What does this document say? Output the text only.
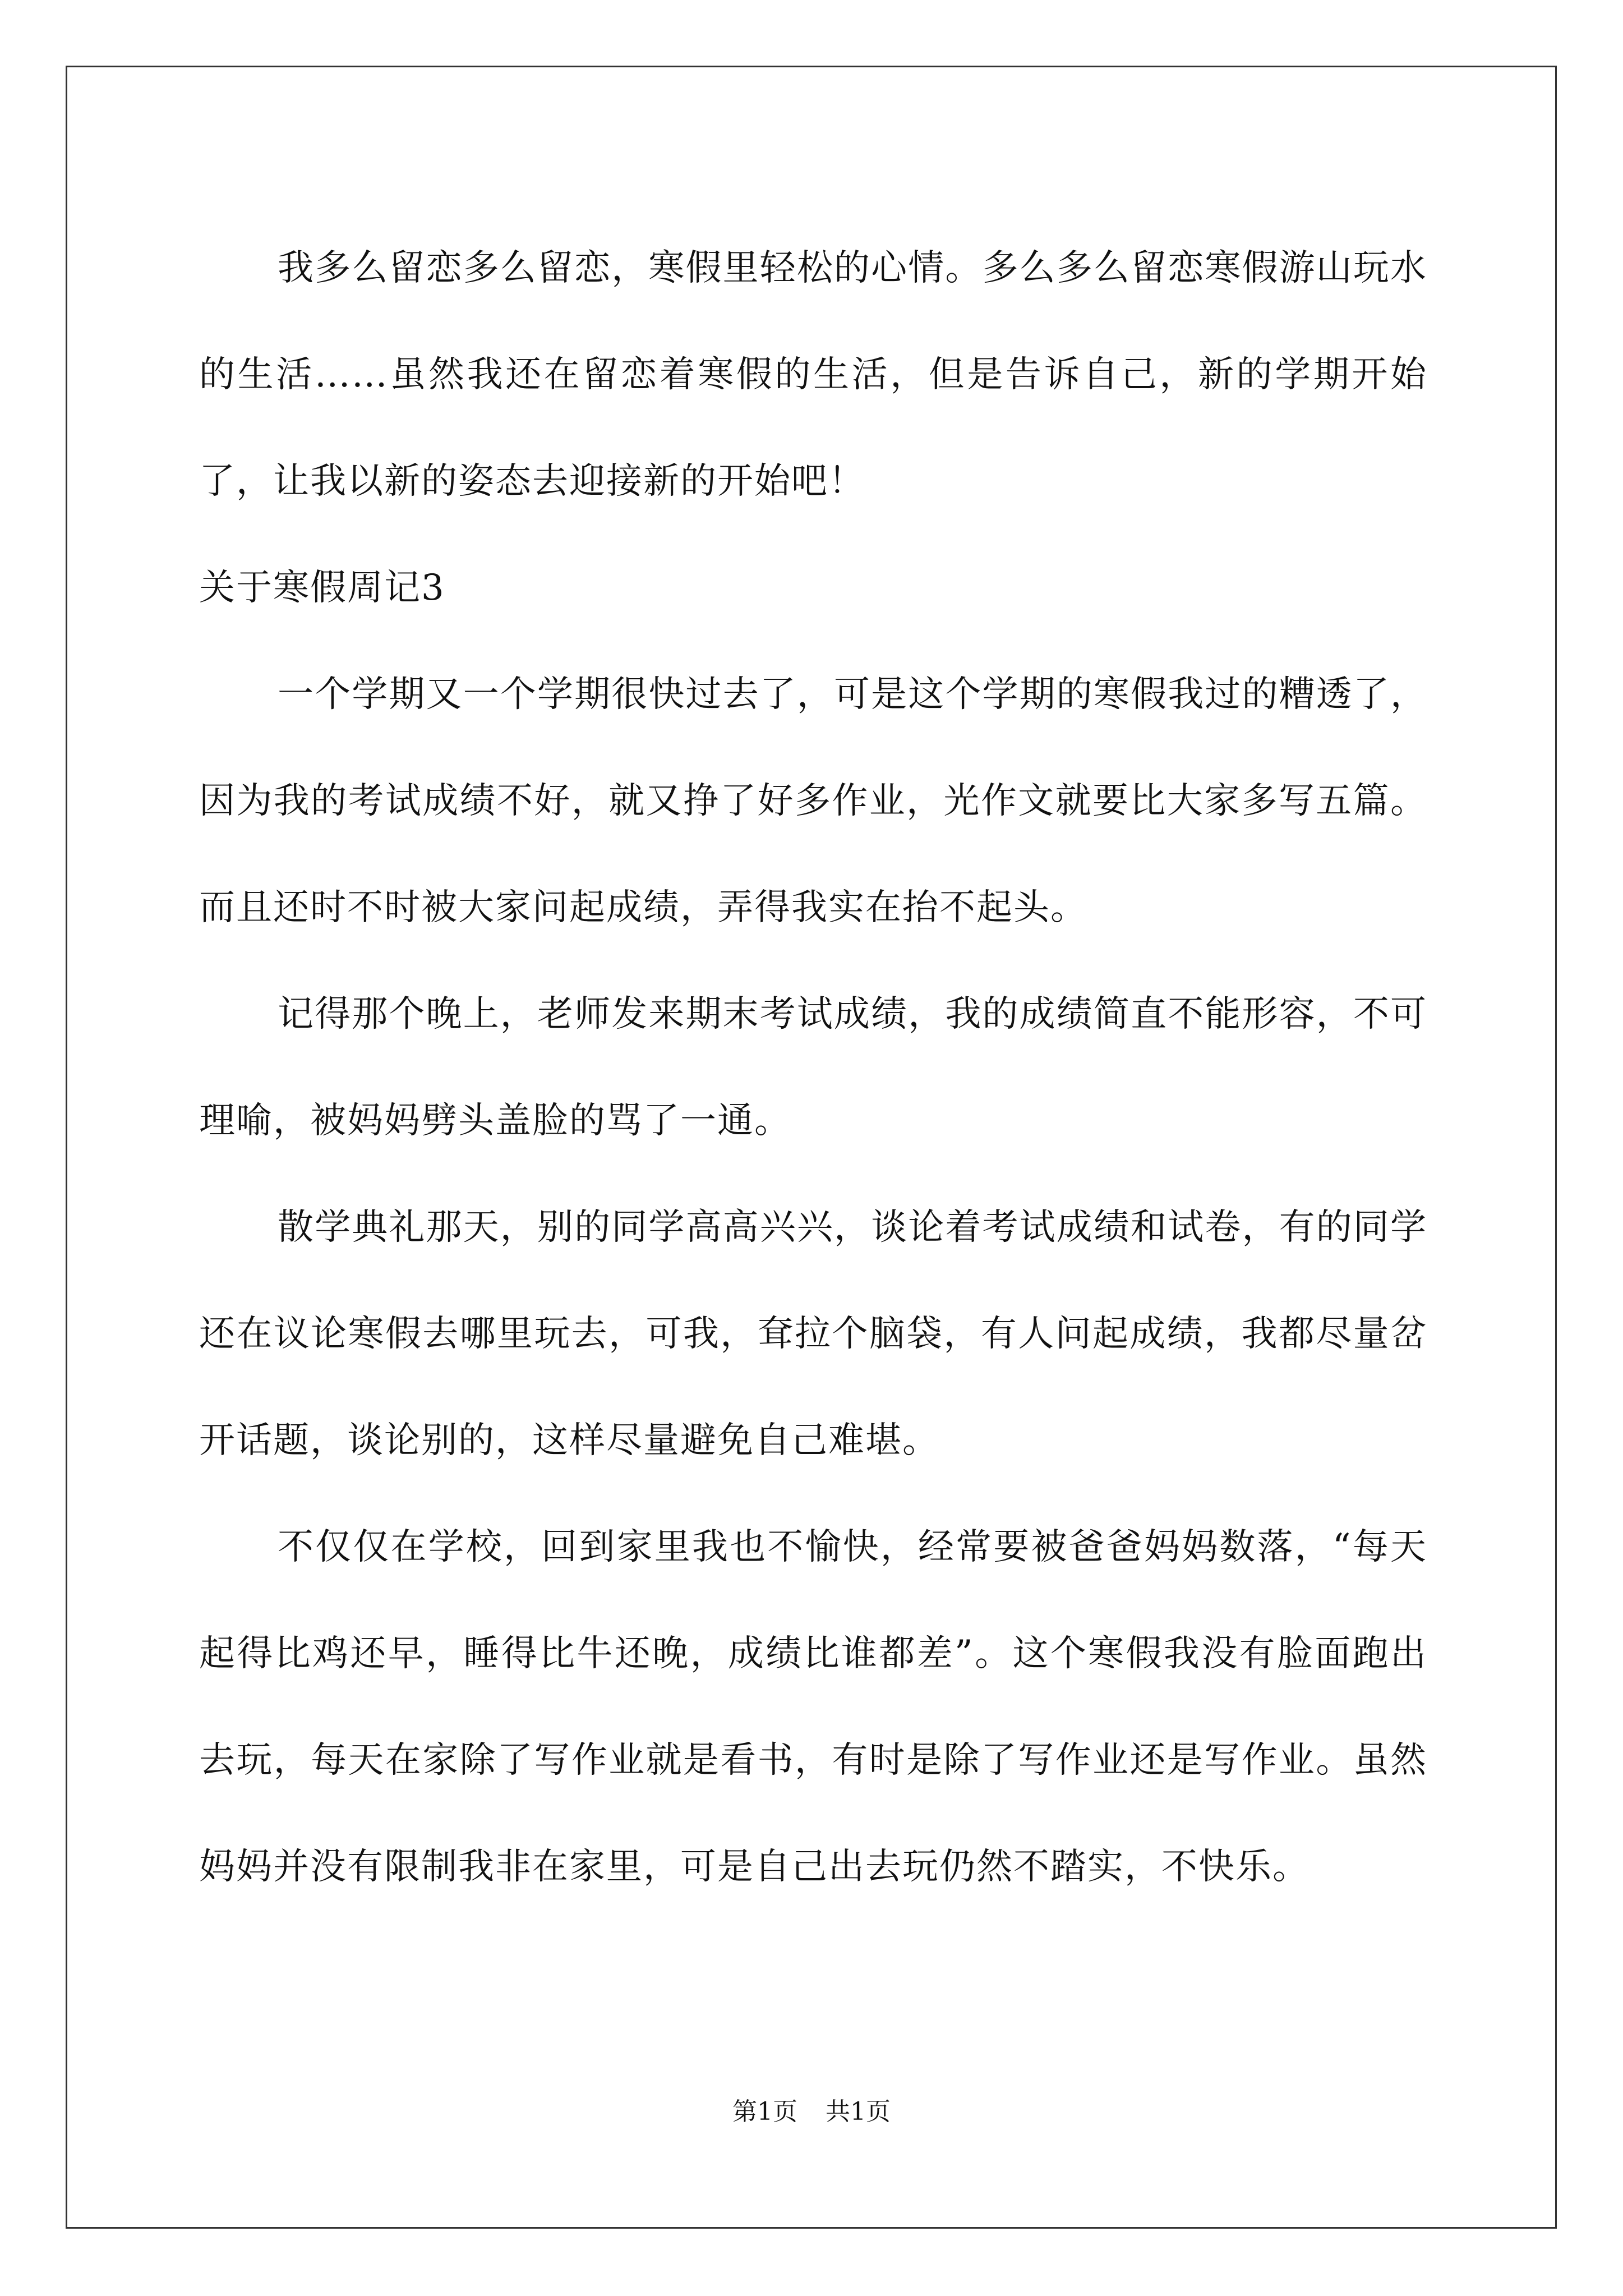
我多么留恋多么留恋，寒假里轻松的心情。多么多么留恋寒假游山玩水的生活……虽然我还在留恋着寒假的生活，但是告诉自己，新的学期开始了，让我以新的姿态去迎接新的开始吧！

关于寒假周记3

一个学期又一个学期很快过去了，可是这个学期的寒假我过的糟透了，因为我的考试成绩不好，就又挣了好多作业，光作文就要比大家多写五篇。而且还时不时被大家问起成绩，弄得我实在抬不起头。

记得那个晚上，老师发来期末考试成绩，我的成绩简直不能形容，不可理喻，被妈妈劈头盖脸的骂了一通。

散学典礼那天，别的同学高高兴兴，谈论着考试成绩和试卷，有的同学还在议论寒假去哪里玩去，可我，耷拉个脑袋，有人问起成绩，我都尽量岔开话题，谈论别的，这样尽量避免自己难堪。

不仅仅在学校，回到家里我也不愉快，经常要被爸爸妈妈数落，“每天起得比鸡还早，睡得比牛还晚，成绩比谁都差”。这个寒假我没有脸面跑出去玩，每天在家除了写作业就是看书，有时是除了写作业还是写作业。虽然妈妈并没有限制我非在家里，可是自己出去玩仍然不踏实，不快乐。

第1页 共1页
